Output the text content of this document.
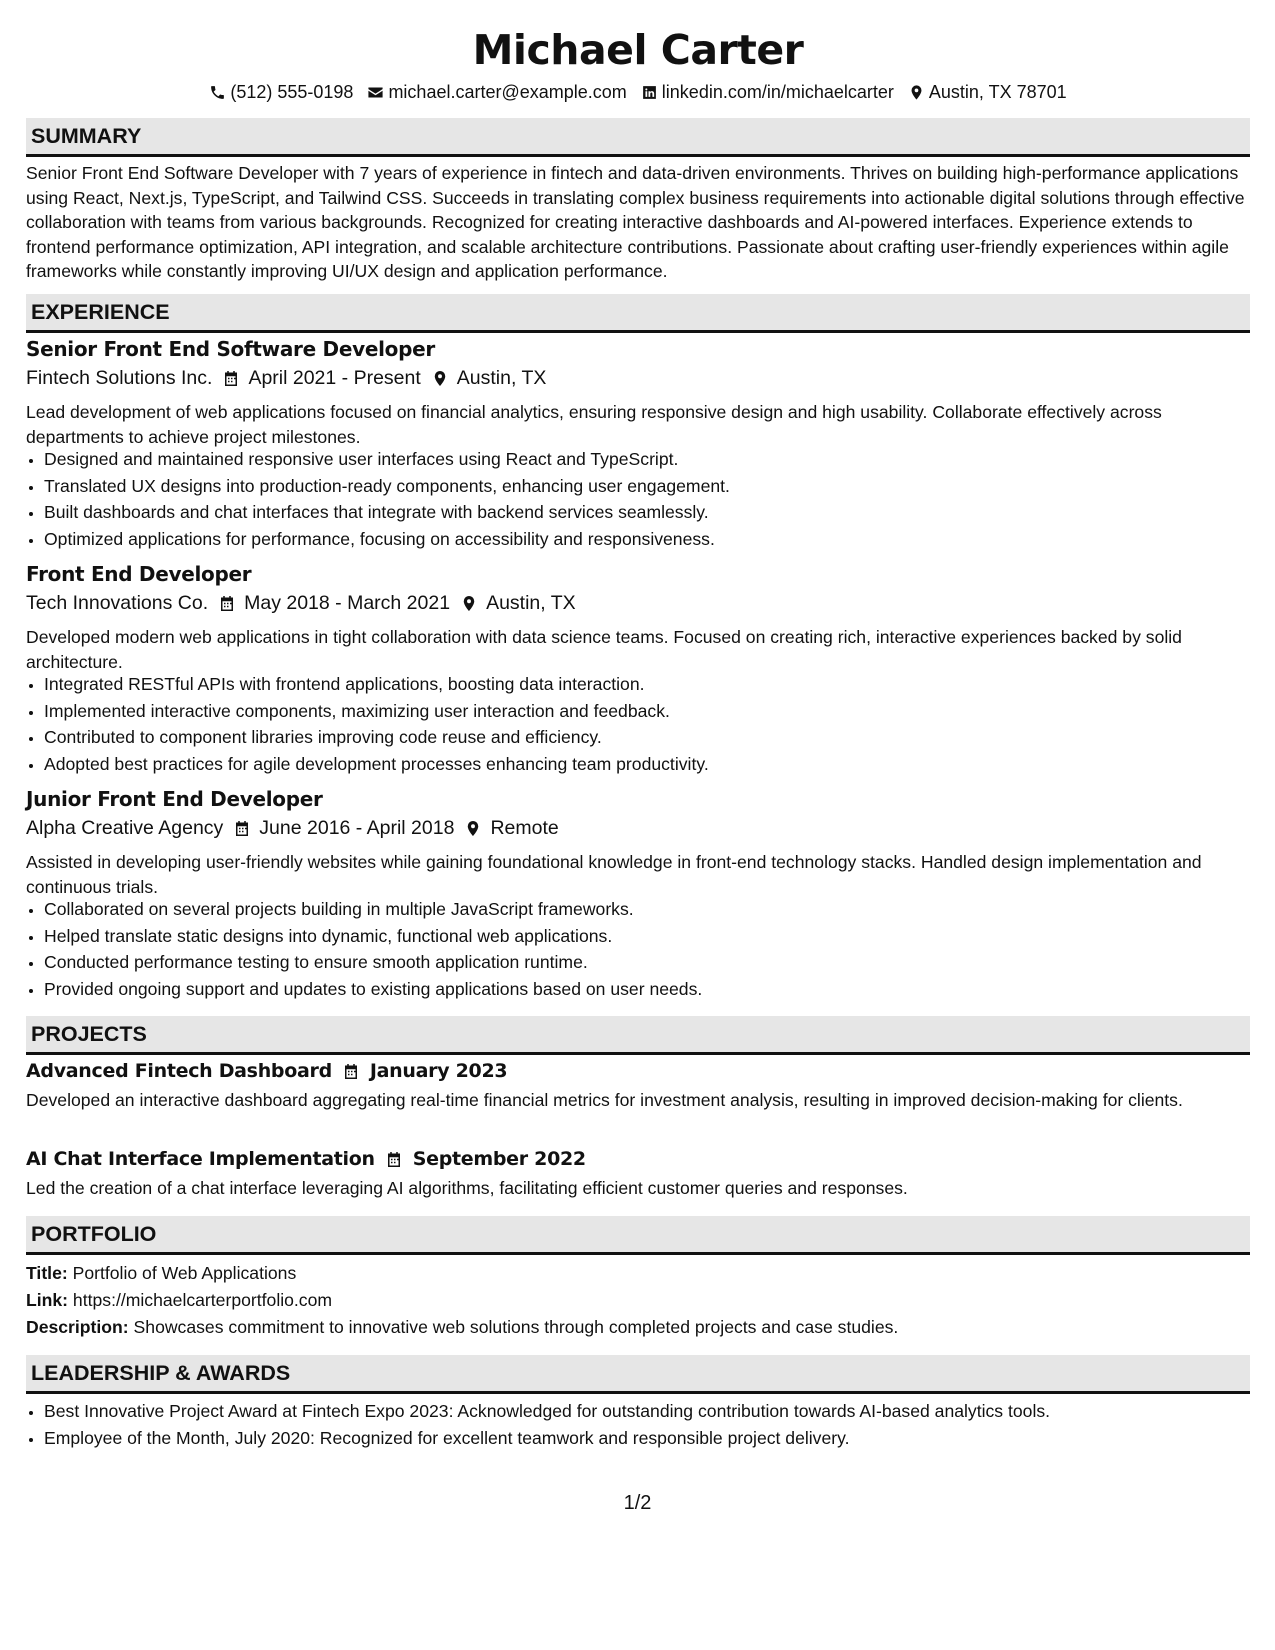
Michael Carter
(512) 555-0198 michael.carter@example.com linkedin.com/in/michaelcarter Austin, TX 78701
SUMMARY
Senior Front End Software Developer with 7 years of experience in fintech and data-driven environments. Thrives on building high-performance applications using React, Next.js, TypeScript, and Tailwind CSS. Succeeds in translating complex business requirements into actionable digital solutions through effective collaboration with teams from various backgrounds. Recognized for creating interactive dashboards and AI-powered interfaces. Experience extends to frontend performance optimization, API integration, and scalable architecture contributions. Passionate about crafting user-friendly experiences within agile frameworks while constantly improving UI/UX design and application performance.
EXPERIENCE
Senior Front End Software Developer
Fintech Solutions Inc. April 2021 - Present Austin, TX
Lead development of web applications focused on financial analytics, ensuring responsive design and high usability. Collaborate effectively across departments to achieve project milestones.
• Designed and maintained responsive user interfaces using React and TypeScript.
• Translated UX designs into production-ready components, enhancing user engagement.
• Built dashboards and chat interfaces that integrate with backend services seamlessly.
• Optimized applications for performance, focusing on accessibility and responsiveness.
Front End Developer
Tech Innovations Co. May 2018 - March 2021 Austin, TX
Developed modern web applications in tight collaboration with data science teams. Focused on creating rich, interactive experiences backed by solid architecture.
• Integrated RESTful APIs with frontend applications, boosting data interaction.
• Implemented interactive components, maximizing user interaction and feedback.
• Contributed to component libraries improving code reuse and efficiency.
• Adopted best practices for agile development processes enhancing team productivity.
Junior Front End Developer
Alpha Creative Agency June 2016 - April 2018 Remote
Assisted in developing user-friendly websites while gaining foundational knowledge in front-end technology stacks. Handled design implementation and continuous trials.
• Collaborated on several projects building in multiple JavaScript frameworks.
• Helped translate static designs into dynamic, functional web applications.
• Conducted performance testing to ensure smooth application runtime.
• Provided ongoing support and updates to existing applications based on user needs.
PROJECTS
Advanced Fintech Dashboard January 2023
Developed an interactive dashboard aggregating real-time financial metrics for investment analysis, resulting in improved decision-making for clients.
AI Chat Interface Implementation September 2022
Led the creation of a chat interface leveraging AI algorithms, facilitating efficient customer queries and responses.
PORTFOLIO
Title: Portfolio of Web Applications
Link: https://michaelcarterportfolio.com
Description: Showcases commitment to innovative web solutions through completed projects and case studies.
LEADERSHIP & AWARDS
• Best Innovative Project Award at Fintech Expo 2023: Acknowledged for outstanding contribution towards AI-based analytics tools.
• Employee of the Month, July 2020: Recognized for excellent teamwork and responsible project delivery.
1/2
